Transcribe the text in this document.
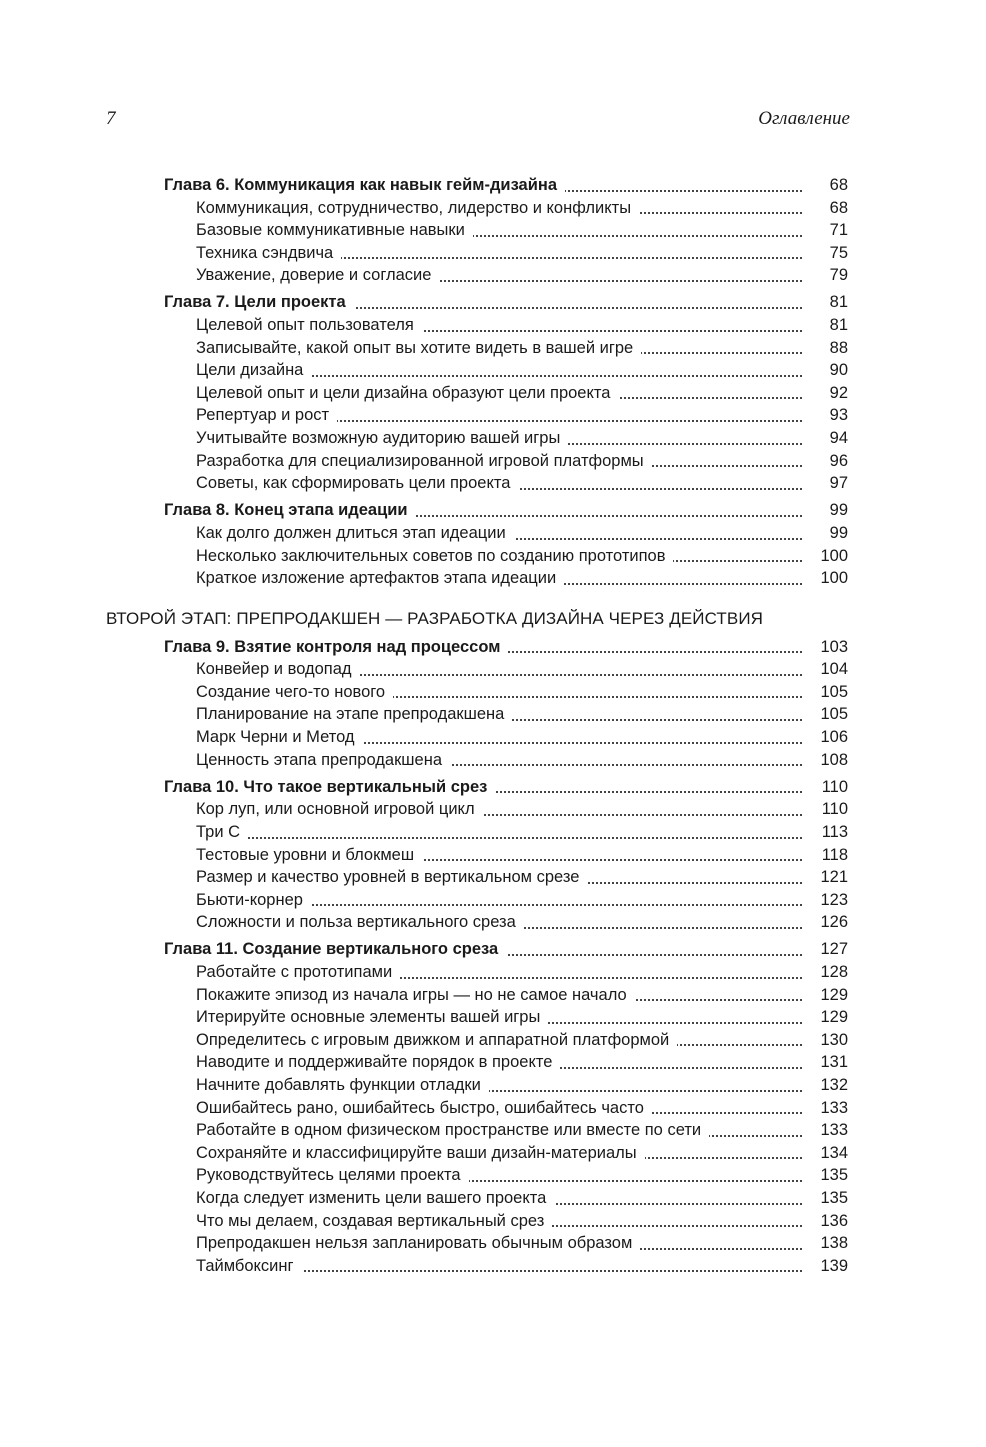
7	Оглавление
Глава 6. Коммуникация как навык гейм-дизайна	68
Коммуникация, сотрудничество, лидерство и конфликты	68
Базовые коммуникативные навыки	71
Техника сэндвича	75
Уважение, доверие и согласие	79
Глава 7. Цели проекта	81
Целевой опыт пользователя	81
Записывайте, какой опыт вы хотите видеть в вашей игре	88
Цели дизайна	90
Целевой опыт и цели дизайна образуют цели проекта	92
Репертуар и рост	93
Учитывайте возможную аудиторию вашей игры	94
Разработка для специализированной игровой платформы	96
Советы, как сформировать цели проекта	97
Глава 8. Конец этапа идеации	99
Как долго должен длиться этап идеации	99
Несколько заключительных советов по созданию прототипов	100
Краткое изложение артефактов этапа идеации	100
ВТОРОЙ ЭТАП: ПРЕПРОДАКШЕН — РАЗРАБОТКА ДИЗАЙНА ЧЕРЕЗ ДЕЙСТВИЯ
Глава 9. Взятие контроля над процессом	103
Конвейер и водопад	104
Создание чего-то нового	105
Планирование на этапе препродакшена	105
Марк Черни и Метод	106
Ценность этапа препродакшена	108
Глава 10. Что такое вертикальный срез	110
Кор луп, или основной игровой цикл	110
Три С	113
Тестовые уровни и блокмеш	118
Размер и качество уровней в вертикальном срезе	121
Бьюти-корнер	123
Сложности и польза вертикального среза	126
Глава 11. Создание вертикального среза	127
Работайте с прототипами	128
Покажите эпизод из начала игры — но не самое начало	129
Итерируйте основные элементы вашей игры	129
Определитесь с игровым движком и аппаратной платформой	130
Наводите и поддерживайте порядок в проекте	131
Начните добавлять функции отладки	132
Ошибайтесь рано, ошибайтесь быстро, ошибайтесь часто	133
Работайте в одном физическом пространстве или вместе по сети	133
Сохраняйте и классифицируйте ваши дизайн-материалы	134
Руководствуйтесь целями проекта	135
Когда следует изменить цели вашего проекта	135
Что мы делаем, создавая вертикальный срез	136
Препродакшен нельзя запланировать обычным образом	138
Таймбоксинг	139
